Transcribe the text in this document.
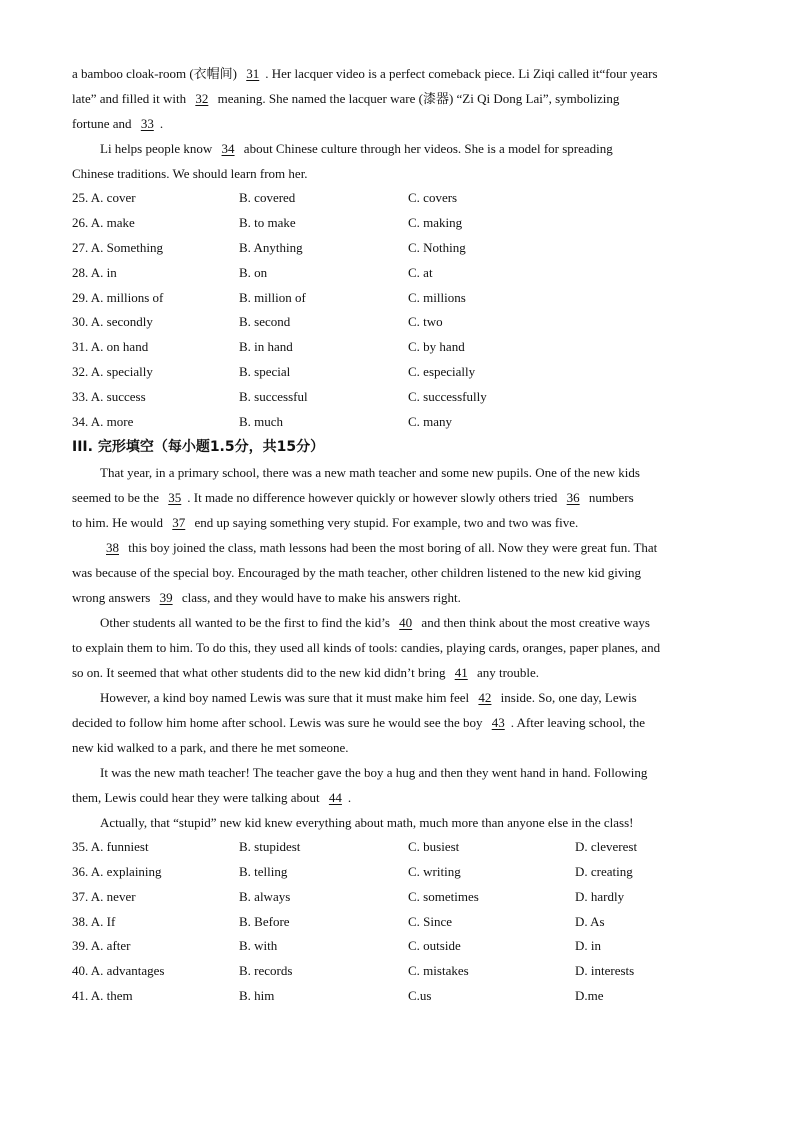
a bamboo cloak-room (衣帽间) 31 . Her lacquer video is a perfect comeback piece. Li Ziqi called it“four years
late” and filled it with 32 meaning. She named the lacquer ware (漆器) “Zi Qi Dong Lai”, symbolizing
fortune and 33 .
Li helps people know 34 about Chinese culture through her videos. She is a model for spreading
Chinese traditions. We should learn from her.
25. A. cover	B. covered	C. covers
26. A. make	B. to make	C. making
27. A. Something	B. Anything	C. Nothing
28. A. in	B. on	C. at
29. A. millions of	B. million of	C. millions
30. A. secondly	B. second	C. two
31. A. on hand	B. in hand	C. by hand
32. A. specially	B. special	C. especially
33. A. success	B. successful	C. successfully
34. A. more	B. much	C. many
III. 完形填空（每小题1.5分，共15分）
That year, in a primary school, there was a new math teacher and some new pupils. One of the new kids
seemed to be the 35 . It made no difference however quickly or however slowly others tried 36 numbers
to him. He would 37 end up saying something very stupid. For example, two and two was five.
38 this boy joined the class, math lessons had been the most boring of all. Now they were great fun. That
was because of the special boy. Encouraged by the math teacher, other children listened to the new kid giving
wrong answers 39 class, and they would have to make his answers right.
Other students all wanted to be the first to find the kid’s 40 and then think about the most creative ways
to explain them to him. To do this, they used all kinds of tools: candies, playing cards, oranges, paper planes, and
so on. It seemed that what other students did to the new kid didn’t bring 41 any trouble.
However, a kind boy named Lewis was sure that it must make him feel 42 inside. So, one day, Lewis
decided to follow him home after school. Lewis was sure he would see the boy 43 . After leaving school, the
new kid walked to a park, and there he met someone.
It was the new math teacher! The teacher gave the boy a hug and then they went hand in hand. Following
them, Lewis could hear they were talking about 44 .
Actually, that “stupid” new kid knew everything about math, much more than anyone else in the class!
35. A. funniest	B. stupidest	C. busiest	D. cleverest
36. A. explaining	B. telling	C. writing	D. creating
37. A. never	B. always	C. sometimes	D. hardly
38. A. If	B. Before	C. Since	D. As
39. A. after	B. with	C. outside	D. in
40. A. advantages	B. records	C. mistakes	D. interests
41. A. them	B. him	C.us	D.me
